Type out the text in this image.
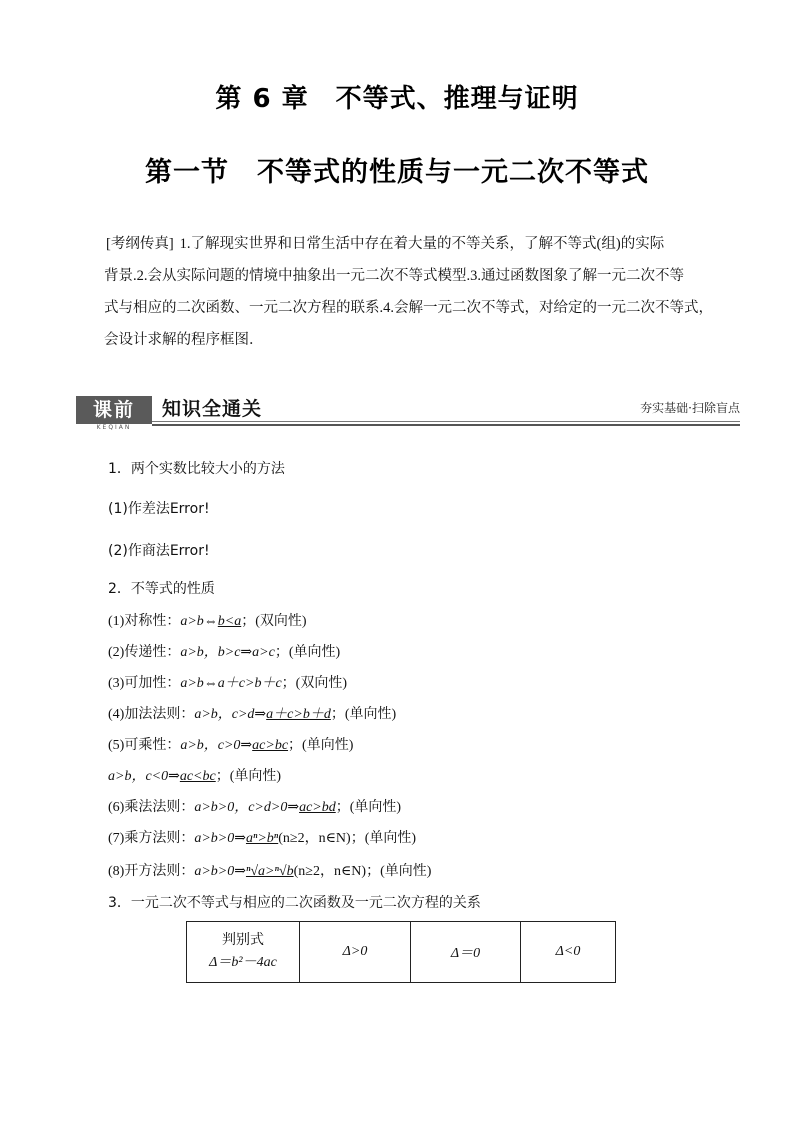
第 6 章　不等式、推理与证明
第一节　不等式的性质与一元二次不等式
[考纲传真] 1.了解现实世界和日常生活中存在着大量的不等关系，了解不等式(组)的实际
背景.2.会从实际问题的情境中抽象出一元二次不等式模型.3.通过函数图象了解一元二次不等
式与相应的二次函数、一元二次方程的联系.4.会解一元二次不等式，对给定的一元二次不等式，
会设计求解的程序框图．
课前
KEQIAN
知识全通关	夯实基础·扫除盲点
1．两个实数比较大小的方法
(1)作差法Error!
(2)作商法Error!
2．不等式的性质
(1)对称性：a>b⇔b<a；(双向性)
(2)传递性：a>b，b>c⇒a>c；(单向性)
(3)可加性：a>b⇔a＋c>b＋c；(双向性)
(4)加法法则：a>b，c>d⇒a＋c>b＋d；(单向性)
(5)可乘性：a>b，c>0⇒ac>bc；(单向性)
a>b，c<0⇒ac<bc；(单向性)
(6)乘法法则：a>b>0，c>d>0⇒ac>bd；(单向性)
(7)乘方法则：a>b>0⇒aⁿ>bⁿ(n≥2，n∈N)；(单向性)
(8)开方法则：a>b>0⇒ⁿ√a>ⁿ√b(n≥2，n∈N)；(单向性)
3．一元二次不等式与相应的二次函数及一元二次方程的关系
判别式
Δ＝b²－4ac
	Δ>0	Δ＝0	Δ<0
